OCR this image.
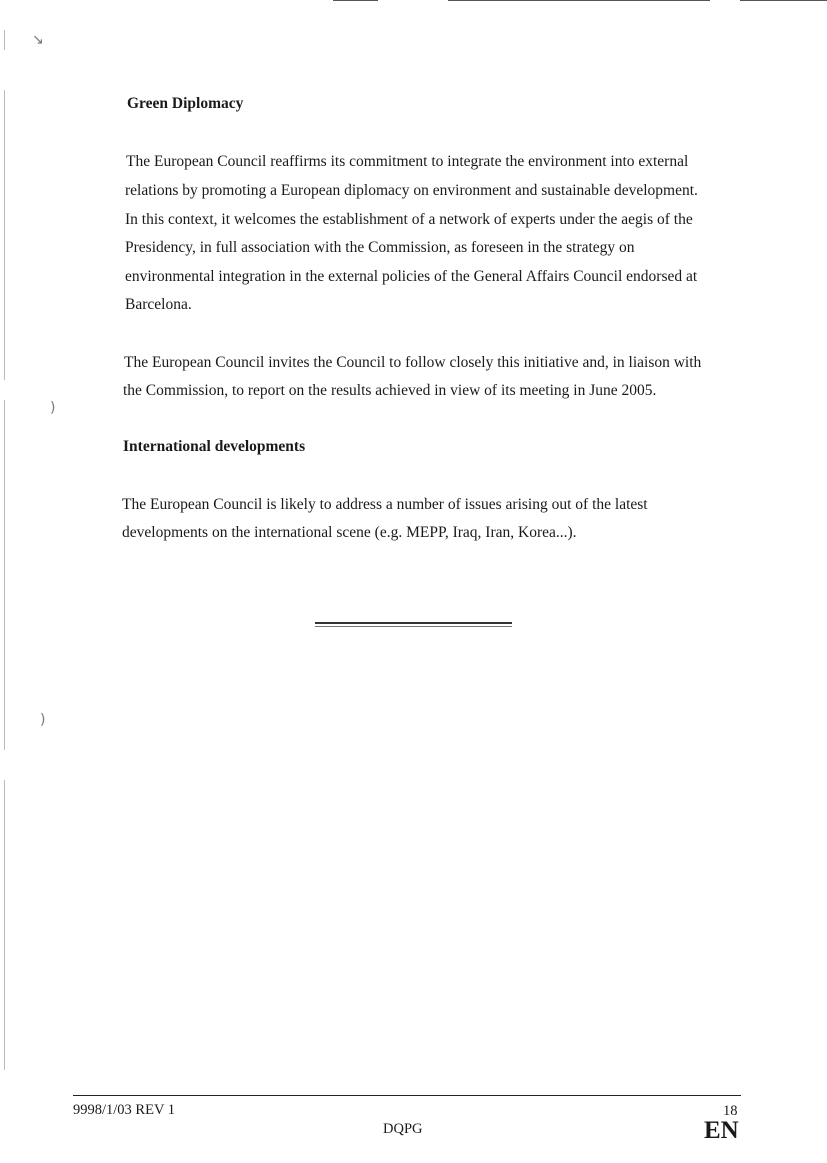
↘
)
)
Green Diplomacy
The European Council reaffirms its commitment to integrate the environment into external
relations by promoting a European diplomacy on environment and sustainable development.
In this context, it welcomes the establishment of a network of experts under the aegis of the
Presidency, in full association with the Commission, as foreseen in the strategy on
environmental integration in the external policies of the General Affairs Council endorsed at
Barcelona.
The European Council invites the Council to follow closely this initiative and, in liaison with
the Commission, to report on the results achieved in view of its meeting in June 2005.
International developments
The European Council is likely to address a number of issues arising out of the latest
developments on the international scene (e.g. MEPP, Iraq, Iran, Korea...).
9998/1/03 REV 1
DQPG
18
EN
